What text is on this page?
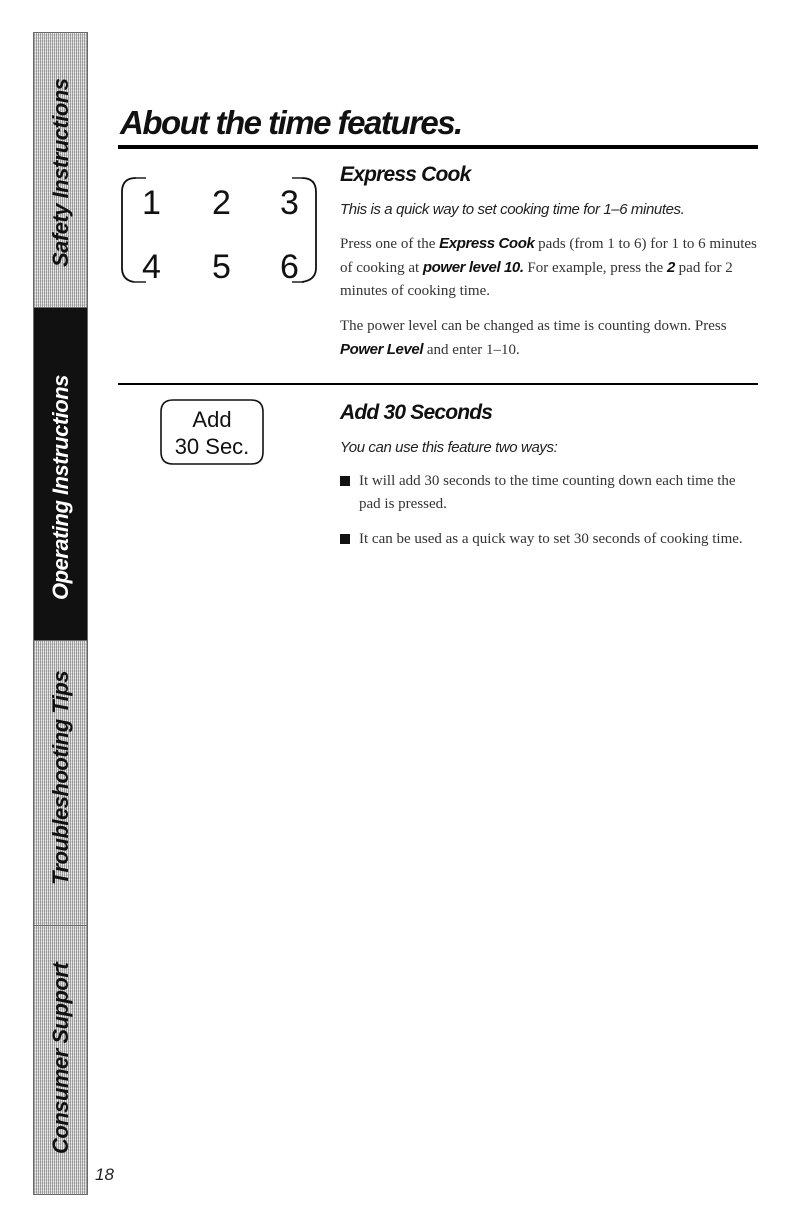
Safety Instructions
Operating Instructions
Troubleshooting Tips
Consumer Support
18
About the time features.
1 2 3
4 5 6
Express Cook

This is a quick way to set cooking time for 1–6 minutes.

Press one of the Express Cook pads (from 1 to 6) for 1 to 6 minutes of cooking at power level 10. For example, press the 2 pad for 2 minutes of cooking time.

The power level can be changed as time is counting down. Press Power Level and enter 1–10.

Add
30 Sec.
Add 30 Seconds

You can use this feature two ways:

It will add 30 seconds to the time counting down each time the pad is pressed.
It can be used as a quick way to set 30 seconds of cooking time.
